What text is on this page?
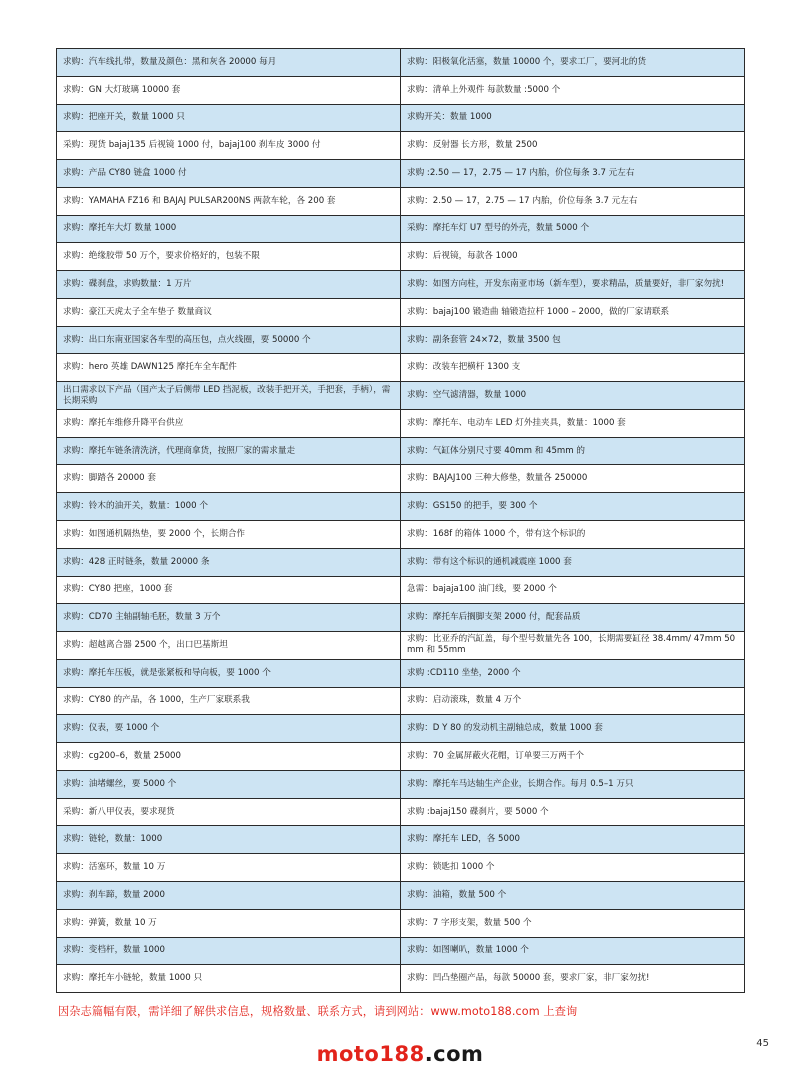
求购：汽车线扎带，数量及颜色：黑和灰各 20000 每月	求购：阳极氧化活塞，数量 10000 个，要求工厂，要河北的货
求购：GN 大灯玻璃 10000 套	求购：清单上外观件 每款数量 :5000 个
求购：把座开关，数量 1000 只	求购开关：数量 1000
采购：现货 bajaj135 后视镜 1000 付，bajaj100 刹车皮 3000 付	求购：反射器 长方形，数量 2500
求购：产品 CY80 链盒 1000 付	求购 :2.50 — 17，2.75 — 17 内胎，价位每条 3.7 元左右
求购：YAMAHA FZ16 和 BAJAJ PULSAR200NS 两款车轮，各 200 套	求购：2.50 — 17，2.75 — 17 内胎，价位每条 3.7 元左右
求购：摩托车大灯 数量 1000	采购：摩托车灯 U7 型号的外壳，数量 5000 个
求购：绝缘胶带 50 万个，要求价格好的，包装不限	求购：后视镜，每款各 1000
求购：碟刹盘，求购数量：1 万片	求购：如图方向柱，开发东南亚市场（新车型），要求精品，质量要好，非厂家勿扰!
求购：豪江天虎太子全车垫子 数量商议	求购：bajaj100 锻造曲 轴锻造拉杆 1000 – 2000，做的厂家请联系
求购：出口东南亚国家各车型的高压包，点火线圈，要 50000 个	求购：副条套管 24×72，数量 3500 包
求购：hero 英雄 DAWN125 摩托车全车配件	求购：改装车把横杆 1300 支
出口需求以下产品（国产太子后侧带 LED 挡泥板，改装手把开关，手把套，手柄），需长期采购	求购：空气滤清器，数量 1000
求购：摩托车维修升降平台供应	求购：摩托车、电动车 LED 灯外挂夹具，数量：1000 套
求购：摩托车链条清洗济，代理商拿货，按照厂家的需求量走	求购：气缸体分别尺寸要 40mm 和 45mm 的
求购：脚踏各 20000 套	求购：BAJAJ100 三种大修垫，数量各 250000
求购：铃木的油开关，数量：1000 个	求购：GS150 的把手，要 300 个
求购：如图通机隔热垫，要 2000 个，长期合作	求购：168f 的箱体 1000 个，带有这个标识的
求购：428 正时链条，数量 20000 条	求购：带有这个标识的通机减震座 1000 套
求购：CY80 把座，1000 套	急需：bajaja100 油门线，要 2000 个
求购：CD70 主轴副轴毛胚，数量 3 万个	求购：摩托车后搁脚支架 2000 付，配套品质
求购：超越离合器 2500 个，出口巴基斯坦	求购：比亚乔的汽缸盖，每个型号数量先各 100，长期需要缸径 38.4mm/ 47mm 50mm 和 55mm
求购：摩托车压板，就是张紧板和导向板，要 1000 个	求购 :CD110 坐垫，2000 个
求购：CY80 的产品，各 1000，生产厂家联系我	求购：启动滚珠，数量 4 万个
求购：仪表，要 1000 个	求购：D Y 80 的发动机主副轴总成，数量 1000 套
求购：cg200–6，数量 25000	求购：70 金属屏蔽火花帽，订单要三万两千个
求购：油堵螺丝，要 5000 个	求购：摩托车马达轴生产企业，长期合作。每月 0.5–1 万只
采购：新八甲仪表，要求现货	求购 :bajaj150 碟刹片，要 5000 个
求购：链轮，数量：1000	求购：摩托车 LED，各 5000
求购：活塞环，数量 10 万	求购：锁匙扣 1000 个
求购：刹车蹄，数量 2000	求购：油箱，数量 500 个
求购：弹簧，数量 10 万	求购：7 字形支架，数量 500 个
求购：变档杆，数量 1000	求购：如图喇叭，数量 1000 个
求购：摩托车小链轮，数量 1000 只	求购：凹凸垫圈产品，每款 50000 套，要求厂家，非厂家勿扰!
因杂志篇幅有限，需详细了解供求信息，规格数量、联系方式，请到网站：www.moto188.com 上查询
45
moto188.com
